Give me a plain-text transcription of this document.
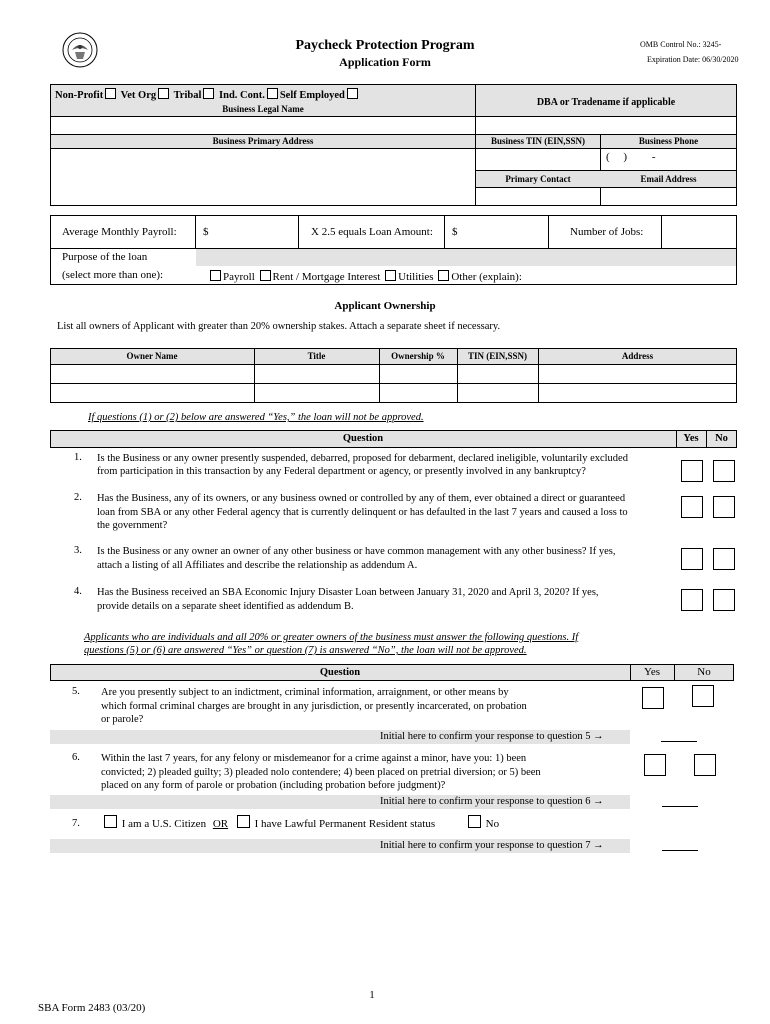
Paycheck Protection Program
Application Form
OMB Control No.: 3245-
Expiration Date: 06/30/2020
Non-Profit Vet Org Tribal Ind. Cont. Self Employed
Business Legal Name
DBA or Tradename if applicable
Business Primary Address	Business TIN (EIN,SSN)	Business Phone
(     )         -
Primary Contact	Email Address
Average Monthly Payroll: $	X 2.5 equals Loan Amount: $	Number of Jobs:
Purpose of the loan
(select more than one):	Payroll Rent / Mortgage Interest Utilities Other (explain):
Applicant Ownership
List all owners of Applicant with greater than 20% ownership stakes. Attach a separate sheet if necessary.
Owner Name	Title	Ownership %	TIN (EIN,SSN)	Address
If questions (1) or (2) below are answered “Yes,” the loan will not be approved.
Question	Yes	No
1. Is the Business or any owner presently suspended, debarred, proposed for debarment, declared ineligible, voluntarily excluded
from participation in this transaction by any Federal department or agency, or presently involved in any bankruptcy?
2. Has the Business, any of its owners, or any business owned or controlled by any of them, ever obtained a direct or guaranteed
loan from SBA or any other Federal agency that is currently delinquent or has defaulted in the last 7 years and caused a loss to
the government?
3. Is the Business or any owner an owner of any other business or have common management with any other business? If yes,
attach a listing of all Affiliates and describe the relationship as addendum A.
4. Has the Business received an SBA Economic Injury Disaster Loan between January 31, 2020 and April 3, 2020? If yes,
provide details on a separate sheet identified as addendum B.
Applicants who are individuals and all 20% or greater owners of the business must answer the following questions. If
questions (5) or (6) are answered “Yes” or question (7) is answered “No”, the loan will not be approved.
Question	Yes	No
5. Are you presently subject to an indictment, criminal information, arraignment, or other means by
which formal criminal charges are brought in any jurisdiction, or presently incarcerated, on probation
or parole?
Initial here to confirm your response to question 5 →
6. Within the last 7 years, for any felony or misdemeanor for a crime against a minor, have you: 1) been
convicted; 2) pleaded guilty; 3) pleaded nolo contendere; 4) been placed on pretrial diversion; or 5) been
placed on any form of parole or probation (including probation before judgment)?
Initial here to confirm your response to question 6 →
7.	I am a U.S. Citizen OR I have Lawful Permanent Resident status	No
Initial here to confirm your response to question 7 →
1
SBA Form 2483 (03/20)
